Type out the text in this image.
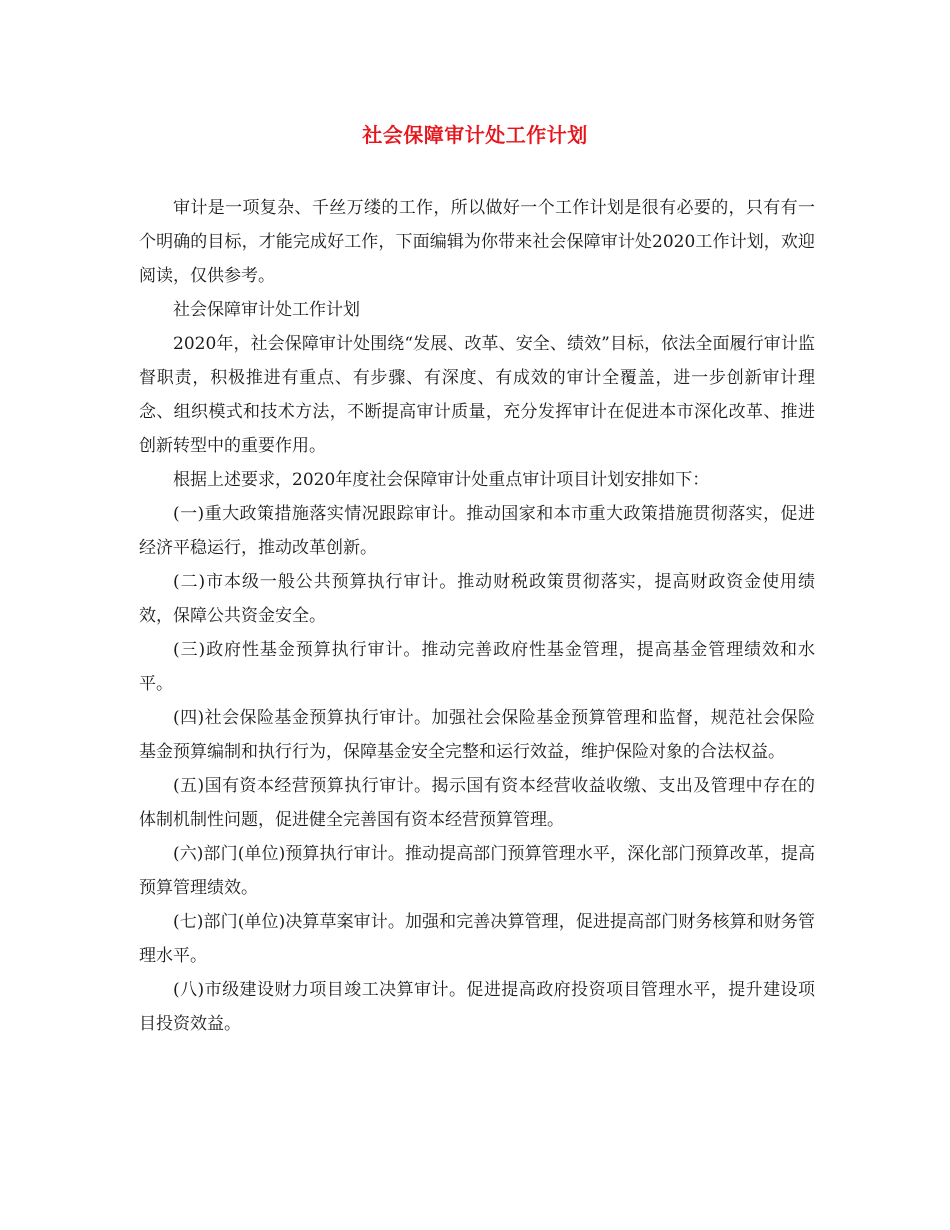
社会保障审计处工作计划

审计是一项复杂、千丝万缕的工作，所以做好一个工作计划是很有必要的，只有有一个明确的目标，才能完成好工作，下面编辑为你带来社会保障审计处2020工作计划，欢迎阅读，仅供参考。

社会保障审计处工作计划

2020年，社会保障审计处围绕“发展、改革、安全、绩效”目标，依法全面履行审计监督职责，积极推进有重点、有步骤、有深度、有成效的审计全覆盖，进一步创新审计理念、组织模式和技术方法，不断提高审计质量，充分发挥审计在促进本市深化改革、推进创新转型中的重要作用。

根据上述要求，2020年度社会保障审计处重点审计项目计划安排如下：

(一)重大政策措施落实情况跟踪审计。推动国家和本市重大政策措施贯彻落实，促进经济平稳运行，推动改革创新。

(二)市本级一般公共预算执行审计。推动财税政策贯彻落实，提高财政资金使用绩效，保障公共资金安全。

(三)政府性基金预算执行审计。推动完善政府性基金管理，提高基金管理绩效和水平。

(四)社会保险基金预算执行审计。加强社会保险基金预算管理和监督，规范社会保险基金预算编制和执行行为，保障基金安全完整和运行效益，维护保险对象的合法权益。

(五)国有资本经营预算执行审计。揭示国有资本经营收益收缴、支出及管理中存在的体制机制性问题，促进健全完善国有资本经营预算管理。

(六)部门(单位)预算执行审计。推动提高部门预算管理水平，深化部门预算改革，提高预算管理绩效。

(七)部门(单位)决算草案审计。加强和完善决算管理，促进提高部门财务核算和财务管理水平。

(八)市级建设财力项目竣工决算审计。促进提高政府投资项目管理水平，提升建设项目投资效益。
